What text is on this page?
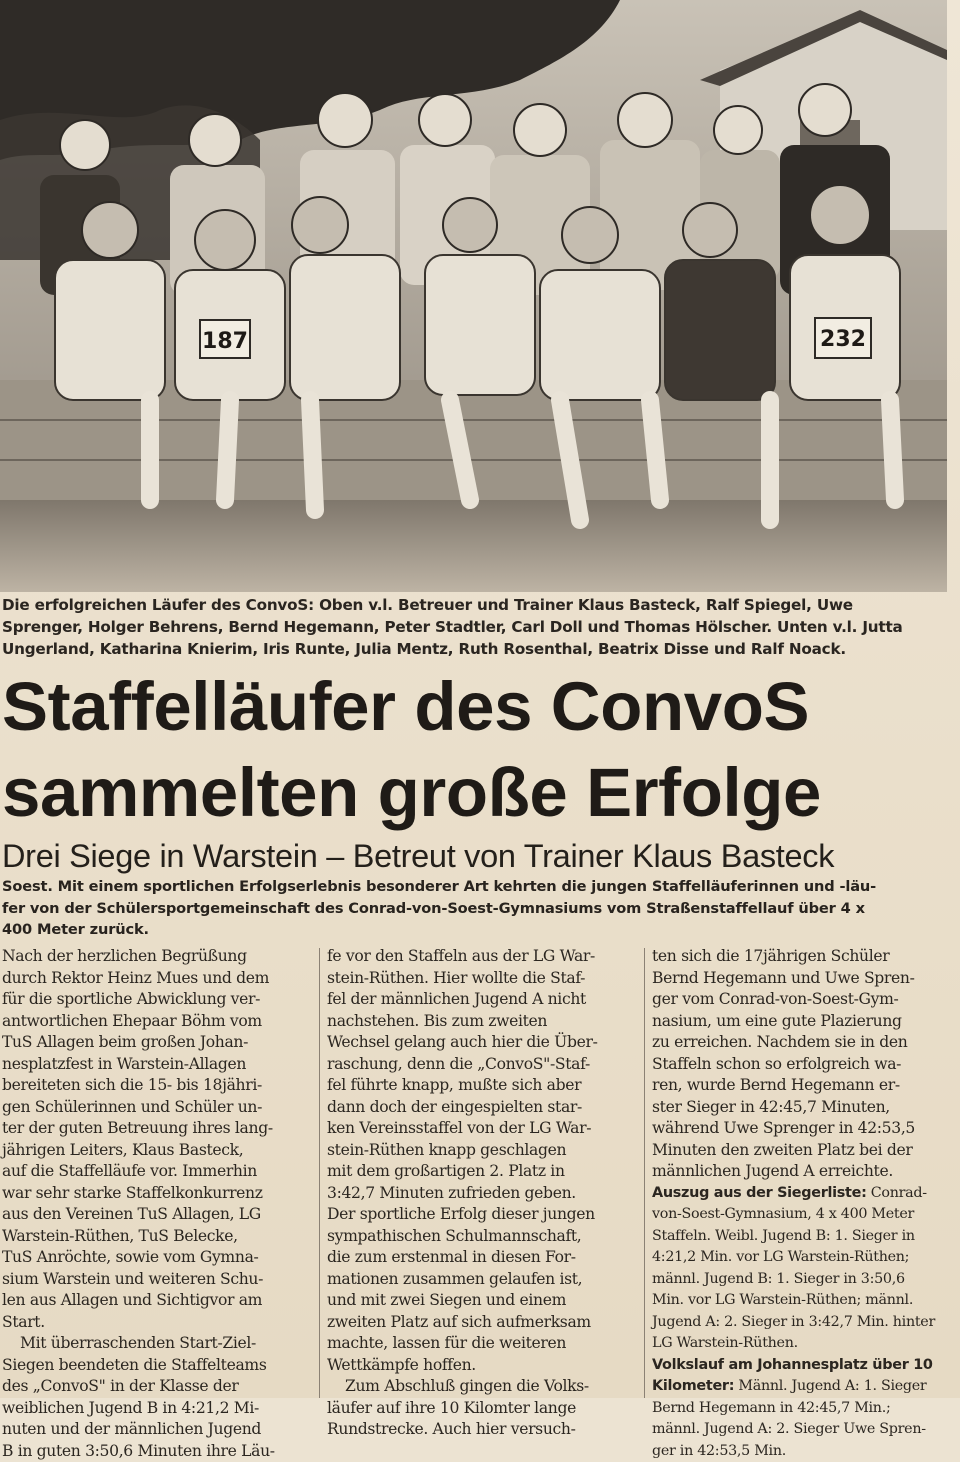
187	232
Die erfolgreichen Läufer des ConvoS: Oben v.l. Betreuer und Trainer Klaus Basteck, Ralf Spiegel, Uwe
Sprenger, Holger Behrens, Bernd Hegemann, Peter Stadtler, Carl Doll und Thomas Hölscher. Unten v.l. Jutta
Ungerland, Katharina Knierim, Iris Runte, Julia Mentz, Ruth Rosenthal, Beatrix Disse und Ralf Noack.
Staffelläufer des ConvoS
sammelten große Erfolge
Drei Siege in Warstein – Betreut von Trainer Klaus Basteck
Soest. Mit einem sportlichen Erfolgserlebnis besonderer Art kehrten die jungen Staffelläuferinnen und -läu-
fer von der Schülersportgemeinschaft des Conrad-von-Soest-Gymnasiums vom Straßenstaffellauf über 4 x
400 Meter zurück.
Nach der herzlichen Begrüßung
durch Rektor Heinz Mues und dem
für die sportliche Abwicklung ver-
antwortlichen Ehepaar Böhm vom
TuS Allagen beim großen Johan-
nesplatzfest in Warstein-Allagen
bereiteten sich die 15- bis 18jähri-
gen Schülerinnen und Schüler un-
ter der guten Betreuung ihres lang-
jährigen Leiters, Klaus Basteck,
auf die Staffelläufe vor. Immerhin
war sehr starke Staffelkonkurrenz
aus den Vereinen TuS Allagen, LG
Warstein-Rüthen, TuS Belecke,
TuS Anröchte, sowie vom Gymna-
sium Warstein und weiteren Schu-
len aus Allagen und Sichtigvor am
Start.
Mit überraschenden Start-Ziel-
Siegen beendeten die Staffelteams
des „ConvoS" in der Klasse der
weiblichen Jugend B in 4:21,2 Mi-
nuten und der männlichen Jugend
B in guten 3:50,6 Minuten ihre Läu-
fe vor den Staffeln aus der LG War-
stein-Rüthen. Hier wollte die Staf-
fel der männlichen Jugend A nicht
nachstehen. Bis zum zweiten
Wechsel gelang auch hier die Über-
raschung, denn die „ConvoS"-Staf-
fel führte knapp, mußte sich aber
dann doch der eingespielten star-
ken Vereinsstaffel von der LG War-
stein-Rüthen knapp geschlagen
mit dem großartigen 2. Platz in
3:42,7 Minuten zufrieden geben.
Der sportliche Erfolg dieser jungen
sympathischen Schulmannschaft,
die zum erstenmal in diesen For-
mationen zusammen gelaufen ist,
und mit zwei Siegen und einem
zweiten Platz auf sich aufmerksam
machte, lassen für die weiteren
Wettkämpfe hoffen.
Zum Abschluß gingen die Volks-
läufer auf ihre 10 Kilomter lange
Rundstrecke. Auch hier versuch-
ten sich die 17jährigen Schüler
Bernd Hegemann und Uwe Spren-
ger vom Conrad-von-Soest-Gym-
nasium, um eine gute Plazierung
zu erreichen. Nachdem sie in den
Staffeln schon so erfolgreich wa-
ren, wurde Bernd Hegemann er-
ster Sieger in 42:45,7 Minuten,
während Uwe Sprenger in 42:53,5
Minuten den zweiten Platz bei der
männlichen Jugend A erreichte.
Auszug aus der Siegerliste: Conrad-
von-Soest-Gymnasium, 4 x 400 Meter
Staffeln. Weibl. Jugend B: 1. Sieger in
4:21,2 Min. vor LG Warstein-Rüthen;
männl. Jugend B: 1. Sieger in 3:50,6
Min. vor LG Warstein-Rüthen; männl.
Jugend A: 2. Sieger in 3:42,7 Min. hinter
LG Warstein-Rüthen.
Volkslauf am Johannesplatz über 10
Kilometer: Männl. Jugend A: 1. Sieger
Bernd Hegemann in 42:45,7 Min.;
männl. Jugend A: 2. Sieger Uwe Spren-
ger in 42:53,5 Min.
